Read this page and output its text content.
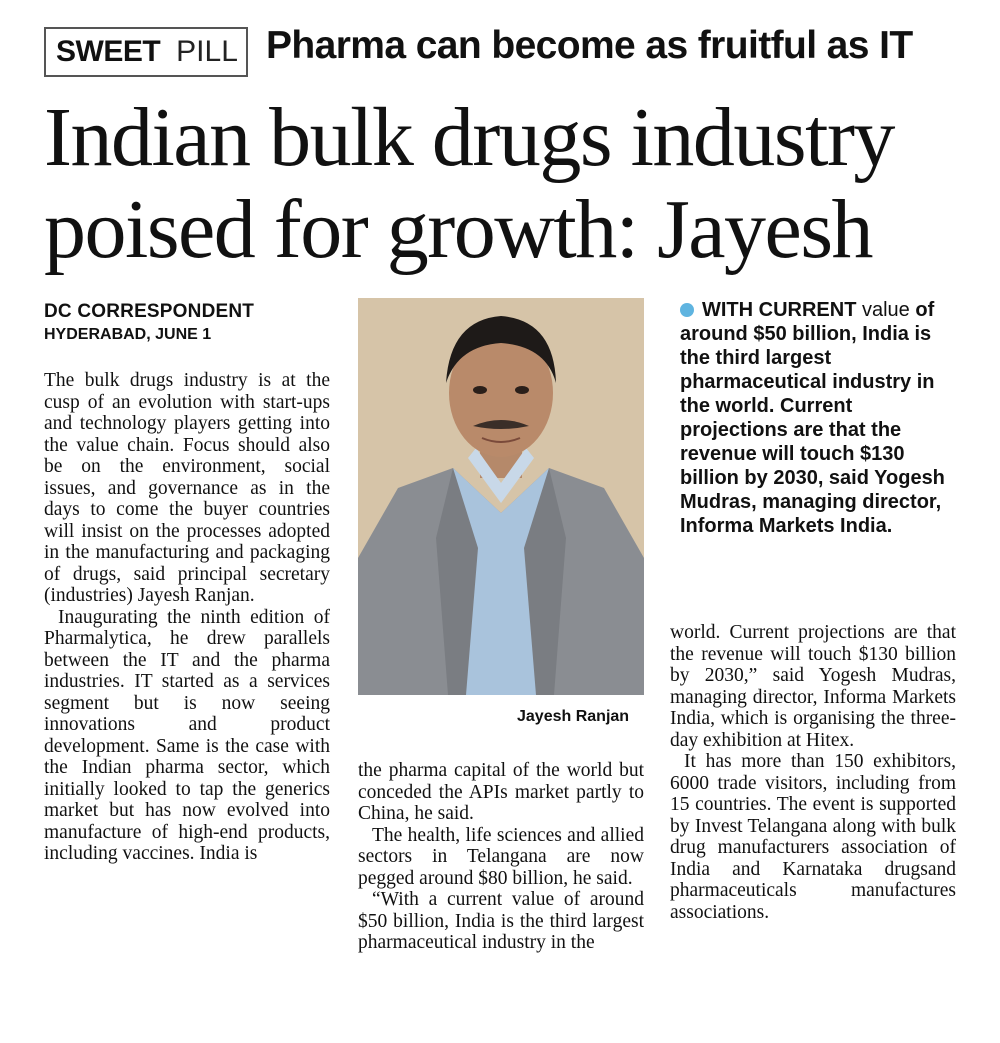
SWEET PILL Pharma can become as fruitful as IT
Indian bulk drugs industry poised for growth: Jayesh
DC CORRESPONDENT
HYDERABAD, JUNE 1

The bulk drugs industry is at the cusp of an evolution with start-ups and technology players getting into the value chain. Focus should also be on the environment, social issues, and governance as in the days to come the buyer countries will insist on the processes adopted in the manufacturing and packaging of drugs, said principal secretary (industries) Jayesh Ranjan.

Inaugurating the ninth edition of Pharmalytica, he drew parallels between the IT and the pharma industries. IT started as a services segment but is now seeing innovations and product development. Same is the case with the Indian pharma sector, which initially looked to tap the generics market but has now evolved into manufacture of high-end products, including vaccines. India is

Jayesh Ranjan

the pharma capital of the world but conceded the APIs market partly to China, he said.

The health, life sciences and allied sectors in Telangana are now pegged around $80 billion, he said.

“With a current value of around $50 billion, India is the third largest pharmaceutical industry in the

WITH CURRENT value of around $50 billion, India is the third largest pharmaceutical industry in the world. Current projections are that the revenue will touch $130 billion by 2030, said Yogesh Mudras, managing director, Informa Markets India.

world. Current projections are that the revenue will touch $130 billion by 2030,” said Yogesh Mudras, managing director, Informa Markets India, which is organising the three-day exhibition at Hitex.

It has more than 150 exhibitors, 6000 trade visitors, including from 15 countries. The event is supported by Invest Telangana along with bulk drug manufacturers association of India and Karnataka drugsand pharmaceuticals manufactures associations.
